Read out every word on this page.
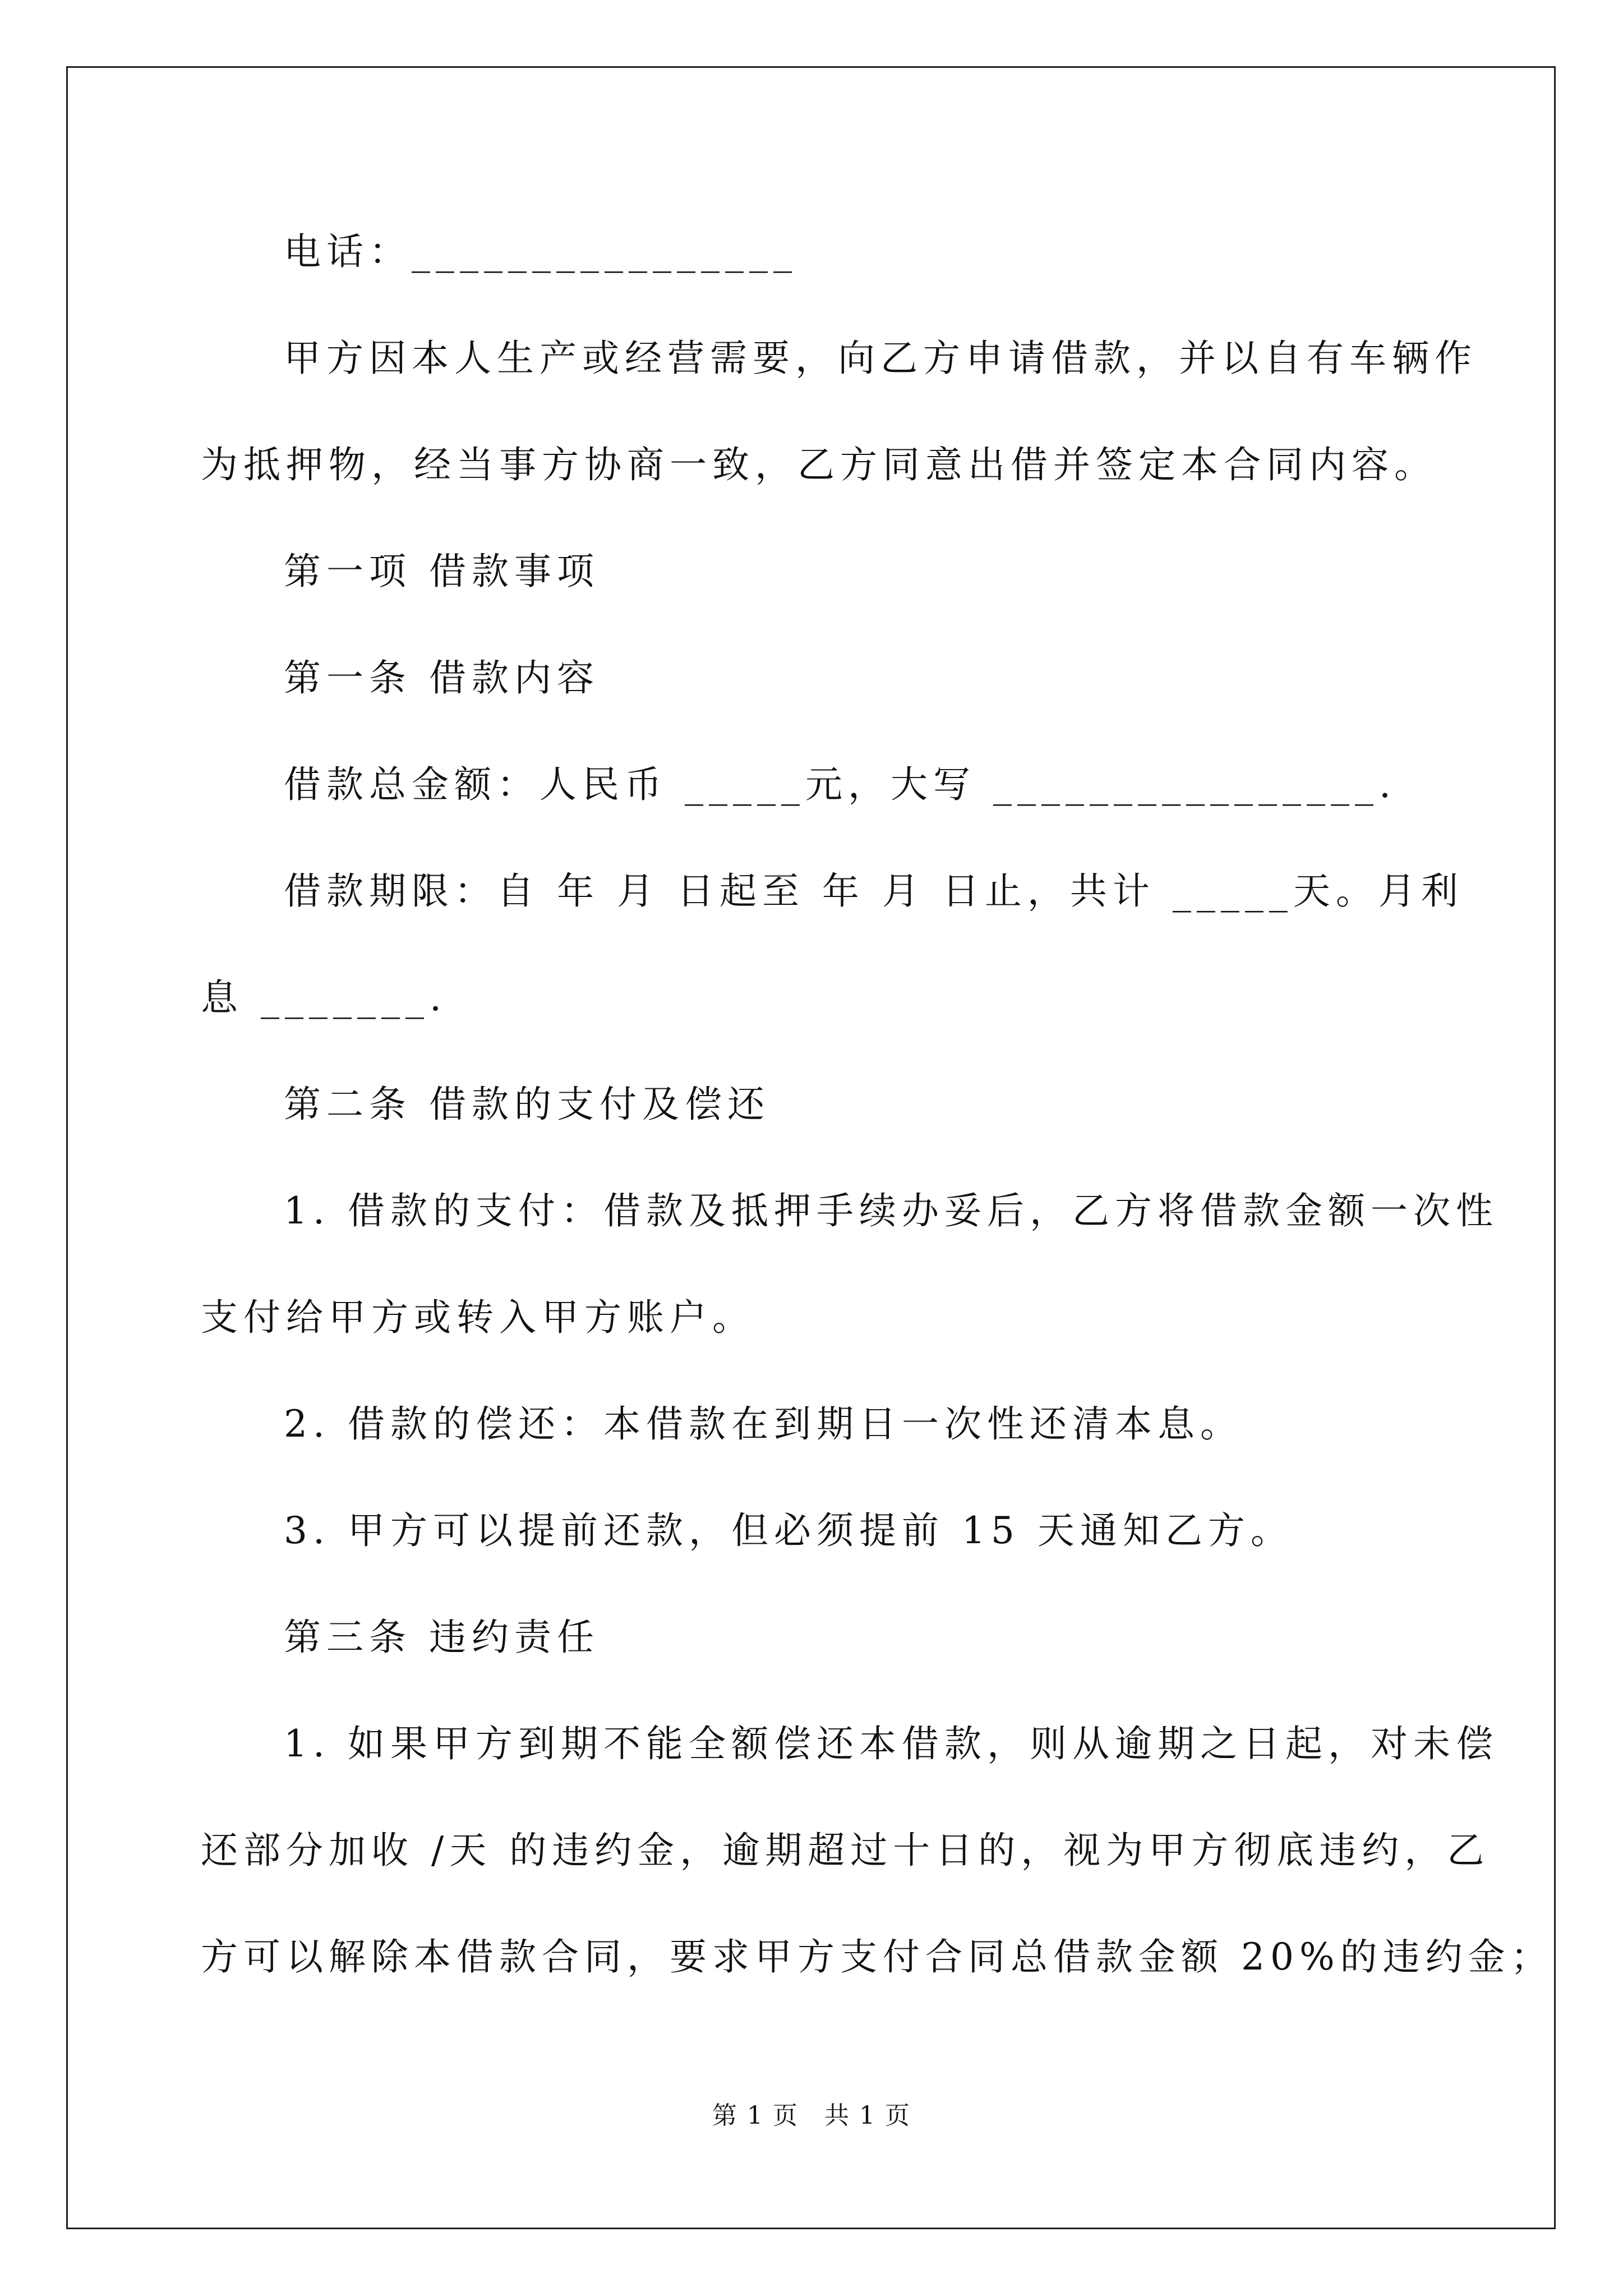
电话：________________
甲方因本人生产或经营需要，向乙方申请借款，并以自有车辆作
为抵押物，经当事方协商一致，乙方同意出借并签定本合同内容。
第一项 借款事项
第一条 借款内容
借款总金额：人民币 _____元，大写 ________________.
借款期限：自 年 月 日起至 年 月 日止，共计 _____天。月利
息 _______.
第二条 借款的支付及偿还
1. 借款的支付：借款及抵押手续办妥后，乙方将借款金额一次性
支付给甲方或转入甲方账户。
2. 借款的偿还：本借款在到期日一次性还清本息。
3. 甲方可以提前还款，但必须提前 15 天通知乙方。
第三条 违约责任
1. 如果甲方到期不能全额偿还本借款，则从逾期之日起，对未偿
还部分加收 /天 的违约金，逾期超过十日的，视为甲方彻底违约，乙
方可以解除本借款合同，要求甲方支付合同总借款金额 20%的违约金；
第 1 页　共 1 页
